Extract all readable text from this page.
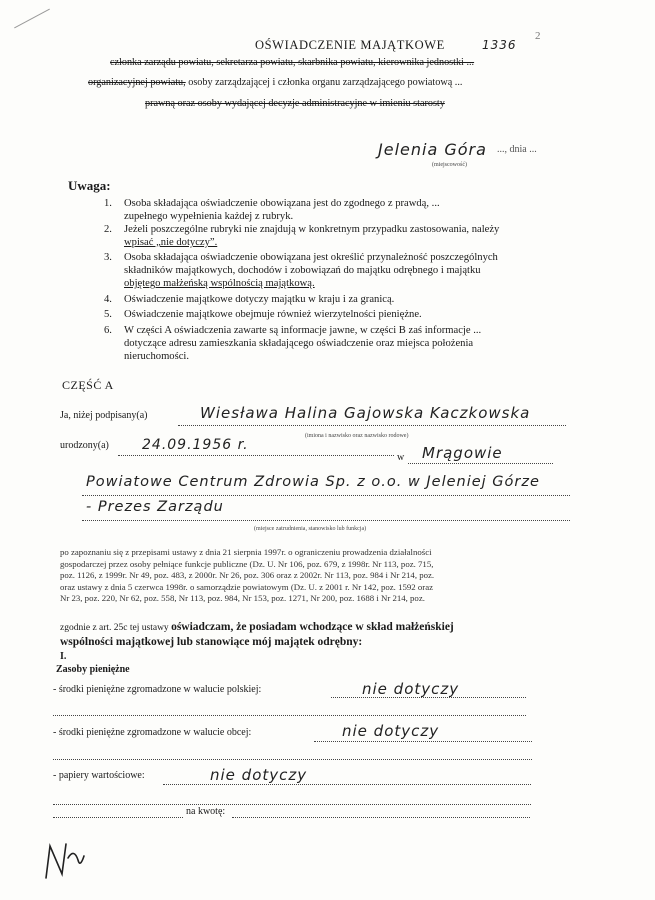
OŚWIADCZENIE MAJĄTKOWE	1336
2
członka zarządu powiatu, sekretarza powiatu, skarbnika powiatu, kierownika jednostki ...
organizacyjnej powiatu, osoby zarządzającej i członka organu zarządzającego powiatową ...
prawną oraz osoby wydającej decyzje administracyjne w imieniu starosty
Jelenia Góra ..., dnia ...
(miejscowość)
Uwaga:
1. Osoba składająca oświadczenie obowiązana jest do zgodnego z prawdą, ...
zupełnego wypełnienia każdej z rubryk.
2. Jeżeli poszczególne rubryki nie znajdują w konkretnym przypadku zastosowania, należy
wpisać „nie dotyczy”.
3. Osoba składająca oświadczenie obowiązana jest określić przynależność poszczególnych
składników majątkowych, dochodów i zobowiązań do majątku odrębnego i majątku
objętego małżeńską wspólnością majątkową.
4.	Oświadczenie majątkowe dotyczy majątku w kraju i za granicą.
5.	Oświadczenie majątkowe obejmuje również wierzytelności pieniężne.
6. W części A oświadczenia zawarte są informacje jawne, w części B zaś informacje ...
dotyczące adresu zamieszkania składającego oświadczenie oraz miejsca położenia
nieruchomości.
CZĘŚĆ A
Ja, niżej podpisany(a)	Wiesława Halina Gajowska Kaczkowska
(imiona i nazwisko oraz nazwisko rodowe)
urodzony(a) 24.09.1956 r.
w Mrągowie
Powiatowe Centrum Zdrowia Sp. z o.o. w Jeleniej Górze
- Prezes Zarządu
(miejsce zatrudnienia, stanowisko lub funkcja)
po zapoznaniu się z przepisami ustawy z dnia 21 sierpnia 1997r. o ograniczeniu prowadzenia działalności
gospodarczej przez osoby pełniące funkcje publiczne (Dz. U. Nr 106, poz. 679, z 1998r. Nr 113, poz. 715,
poz. 1126, z 1999r. Nr 49, poz. 483, z 2000r. Nr 26, poz. 306 oraz z 2002r. Nr 113, poz. 984 i Nr 214, poz.
oraz ustawy z dnia 5 czerwca 1998r. o samorządzie powiatowym (Dz. U. z 2001 r. Nr 142, poz. 1592 oraz
Nr 23, poz. 220, Nr 62, poz. 558, Nr 113, poz. 984, Nr 153, poz. 1271, Nr 200, poz. 1688 i Nr 214, poz.
zgodnie z art. 25c tej ustawy oświadczam, że posiadam wchodzące w skład małżeńskiej
wspólności majątkowej lub stanowiące mój majątek odrębny:
I.
Zasoby pieniężne
- środki pieniężne zgromadzone w walucie polskiej:	nie dotyczy
- środki pieniężne zgromadzone w walucie obcej:	nie dotyczy
- papiery wartościowe:	nie dotyczy
na kwotę:
